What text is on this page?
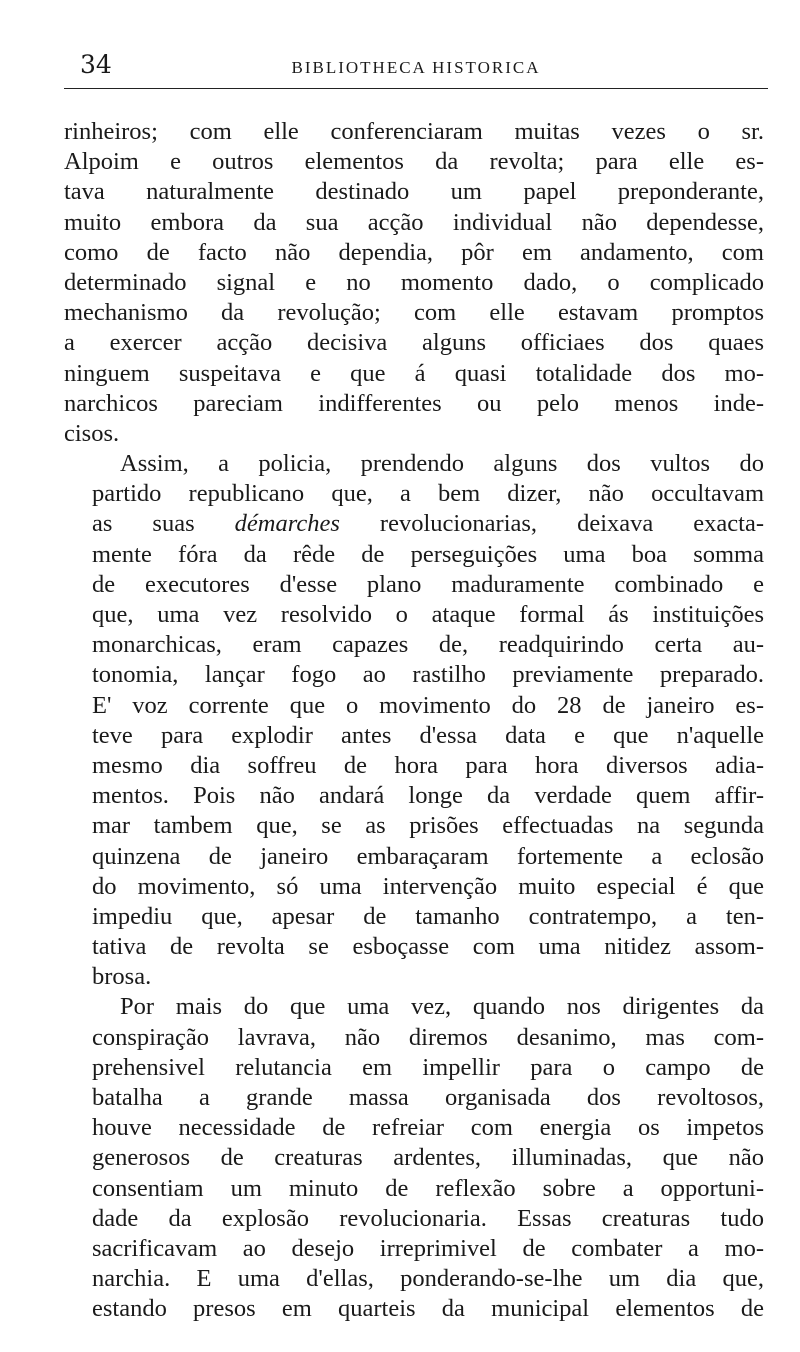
34	BIBLIOTHECA HISTORICA
rinheiros; com elle conferenciaram muitas vezes o sr.
Alpoim e outros elementos da revolta; para elle es-
tava naturalmente destinado um papel preponderante,
muito embora da sua acção individual não dependesse,
como de facto não dependia, pôr em andamento, com
determinado signal e no momento dado, o complicado
mechanismo da revolução; com elle estavam promptos
a exercer acção decisiva alguns officiaes dos quaes
ninguem suspeitava e que á quasi totalidade dos mo-
narchicos pareciam indifferentes ou pelo menos inde-
cisos.
Assim, a policia, prendendo alguns dos vultos do
partido republicano que, a bem dizer, não occultavam
as suas démarches revolucionarias, deixava exacta-
mente fóra da rêde de perseguições uma boa somma
de executores d'esse plano maduramente combinado e
que, uma vez resolvido o ataque formal ás instituições
monarchicas, eram capazes de, readquirindo certa au-
tonomia, lançar fogo ao rastilho previamente preparado.
E' voz corrente que o movimento do 28 de janeiro es-
teve para explodir antes d'essa data e que n'aquelle
mesmo dia soffreu de hora para hora diversos adia-
mentos. Pois não andará longe da verdade quem affir-
mar tambem que, se as prisões effectuadas na segunda
quinzena de janeiro embaraçaram fortemente a eclosão
do movimento, só uma intervenção muito especial é que
impediu que, apesar de tamanho contratempo, a ten-
tativa de revolta se esboçasse com uma nitidez assom-
brosa.
Por mais do que uma vez, quando nos dirigentes da
conspiração lavrava, não diremos desanimo, mas com-
prehensivel relutancia em impellir para o campo de
batalha a grande massa organisada dos revoltosos,
houve necessidade de refreiar com energia os impetos
generosos de creaturas ardentes, illuminadas, que não
consentiam um minuto de reflexão sobre a opportuni-
dade da explosão revolucionaria. Essas creaturas tudo
sacrificavam ao desejo irreprimivel de combater a mo-
narchia. E uma d'ellas, ponderando-se-lhe um dia que,
estando presos em quarteis da municipal elementos de
